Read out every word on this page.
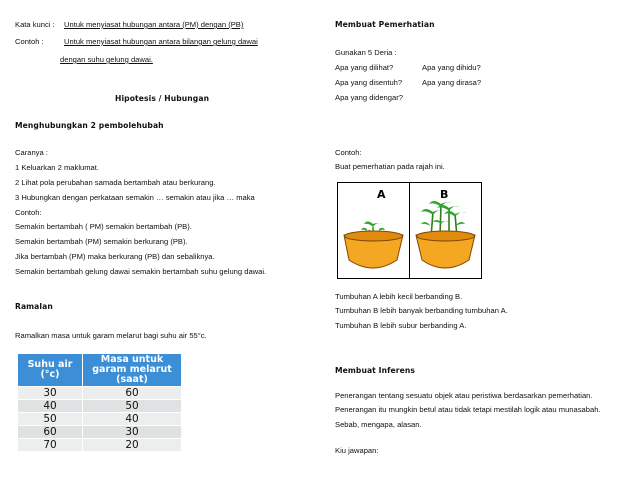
Kata kunci : Untuk menyiasat hubungan antara (PM) dengan (PB)
Contoh :	Untuk menyiasat hubungan antara bilangan gelung dawai
dengan suhu gelung dawai.
Hipotesis / Hubungan
Menghubungkan 2 pembolehubah
Caranya :
1 Keluarkan 2 maklumat.
2 Lihat pola perubahan samada bertambah atau berkurang.
3 Hubungkan dengan perkataan semakin … semakin atau jika … maka
Contoh:
Semakin bertambah ( PM) semakin bertambah (PB).
Semakin bertambah (PM) semakin berkurang (PB).
Jika bertambah (PM) maka berkurang (PB) dan sebaliknya.
Semakin bertambah gelung dawai semakin bertambah suhu gelung dawai.
Ramalan
Ramalkan masa untuk garam melarut bagi suhu air 55°c.
Suhu air (°c)	Masa untuk garam melarut (saat)
30	60
40	50
50	40
60	30
70	20
Membuat Pemerhatian
Gunakan 5 Deria :
Apa yang dilihat?	Apa yang dihidu?
Apa yang disentuh?	Apa yang dirasa?
Apa yang didengar?
Contoh:
Buat pemerhatian pada rajah ini.
A	B
Tumbuhan A lebih kecil berbanding B.
Tumbuhan B lebih banyak berbanding tumbuhan A.
Tumbuhan B lebih subur berbanding A.
Membuat Inferens
Penerangan tentang sesuatu objek atau peristiwa berdasarkan pemerhatian.
Penerangan itu mungkin betul atau tidak tetapi mestilah logik atau munasabah.
Sebab, mengapa, alasan.
Kiu jawapan:
